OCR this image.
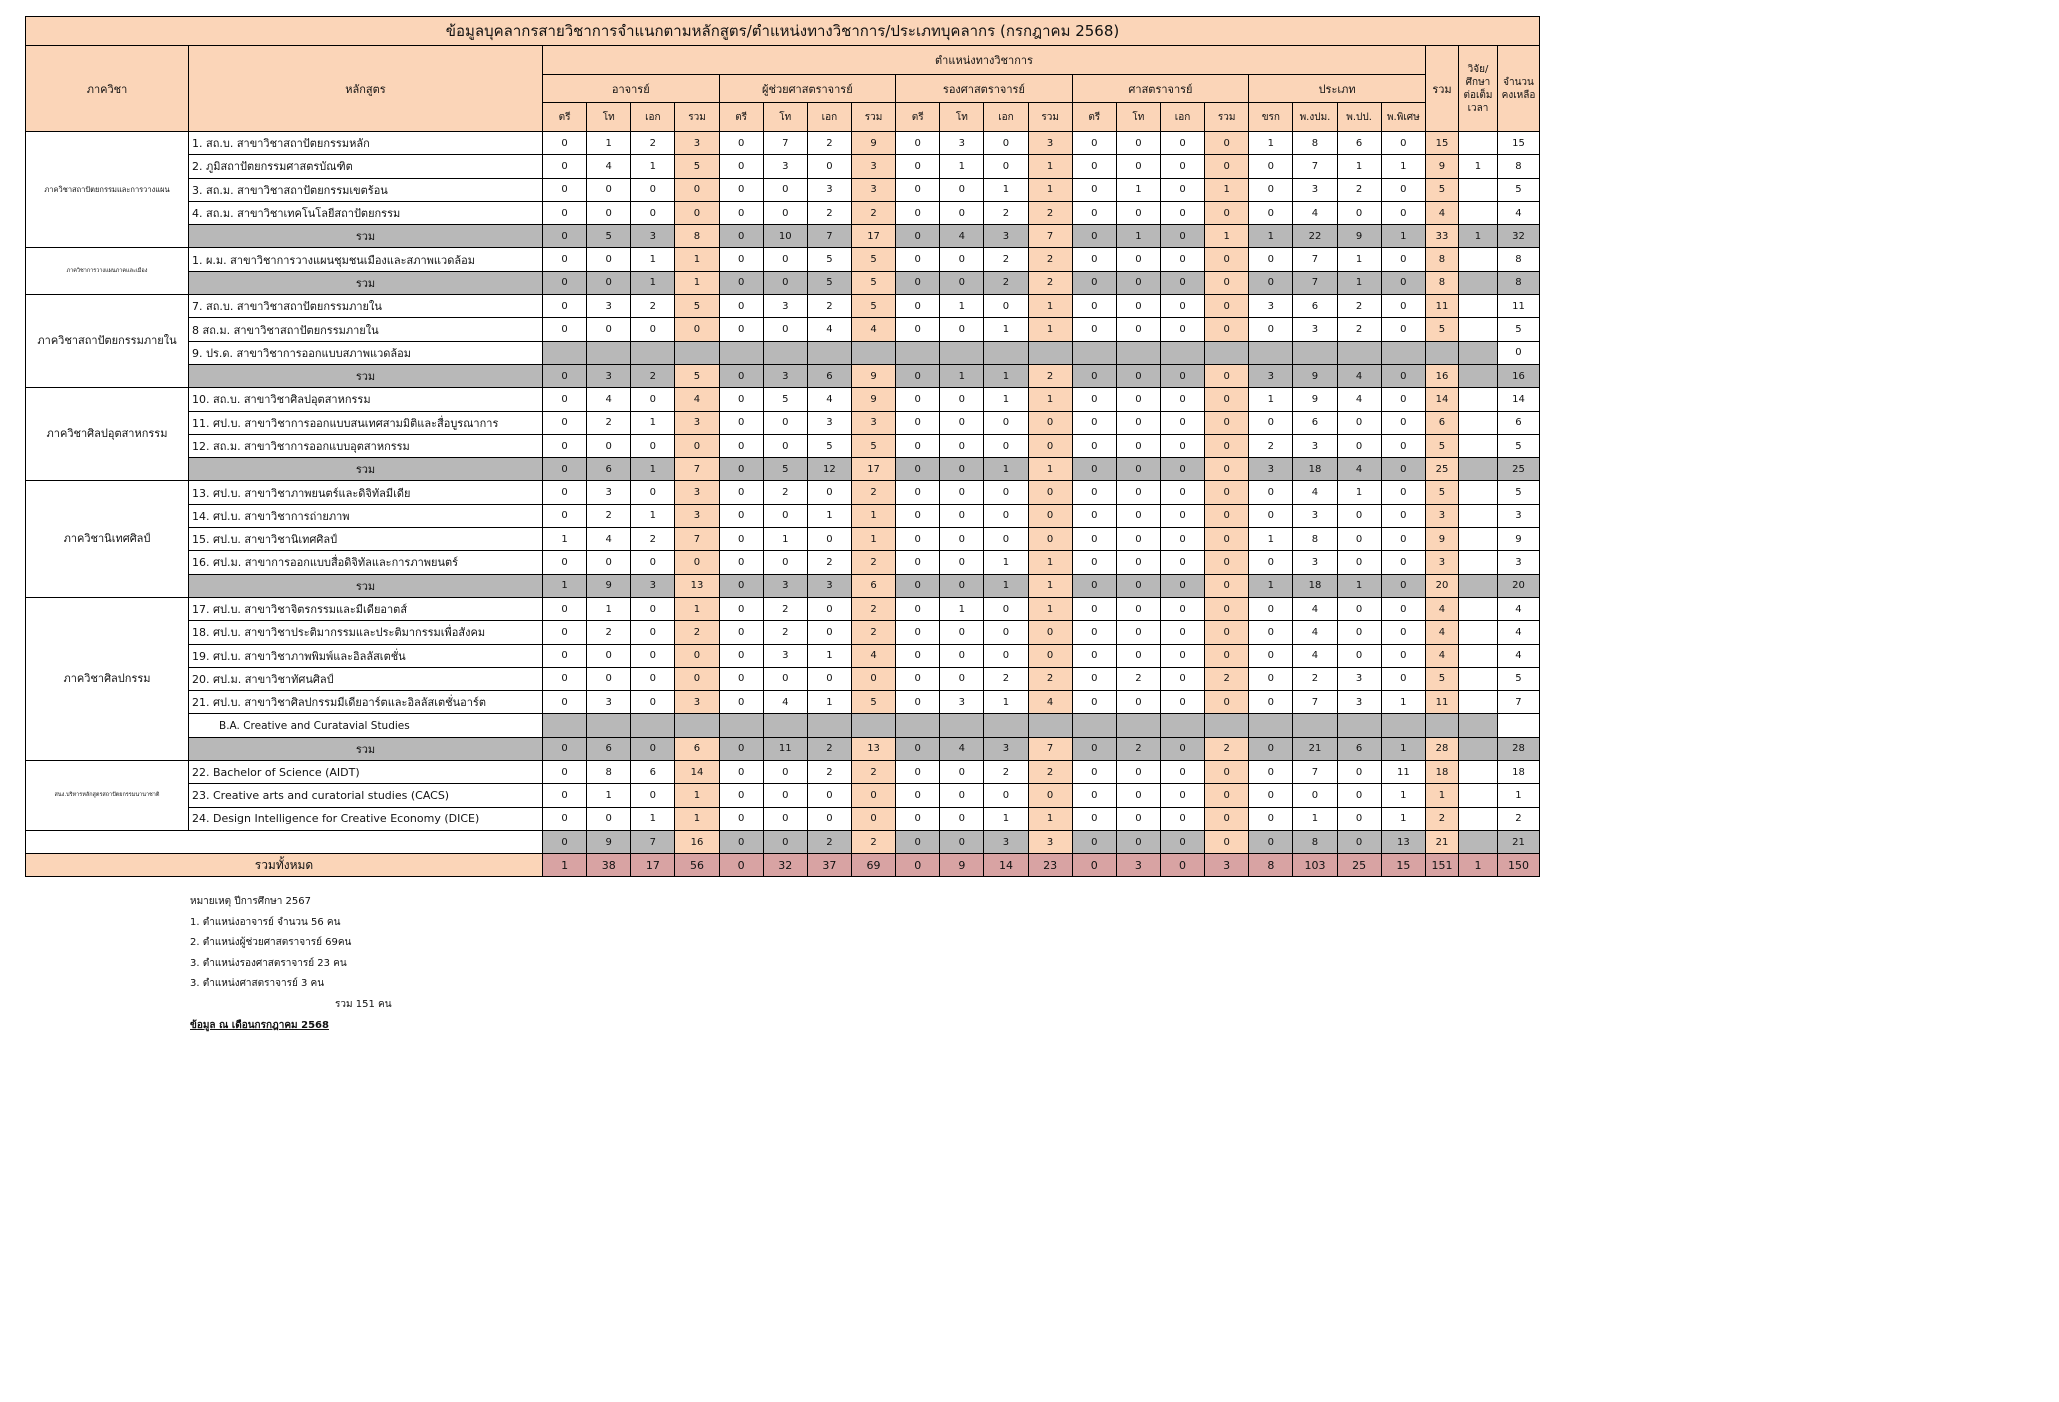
ข้อมูลบุคลากรสายวิชาการจำแนกตามหลักสูตร/ตำแหน่งทางวิชาการ/ประเภทบุคลากร (กรกฎาคม 2568)
ภาควิชา	หลักสูตร	ตำแหน่งทางวิชาการ																				รวม	วิจัย/ศึกษา ต่อเต็มเวลา	จำนวนคงเหลือ
		อาจารย์				ผู้ช่วยศาสตราจารย์				รองศาสตราจารย์				ศาสตราจารย์				ประเภท						
		ตรี	โท	เอก	รวม	ตรี	โท	เอก	รวม	ตรี	โท	เอก	รวม	ตรี	โท	เอก	รวม	ขรก	พ.งปม.	พ.ปป.	พ.พิเศษ			
ภาควิชาสถาปัตยกรรมและการวางแผน	1. สถ.บ. สาขาวิชาสถาปัตยกรรมหลัก	0	1	2	3	0	7	2	9	0	3	0	3	0	0	0	0	1	8	6	0	15		15
	2. ภูมิสถาปัตยกรรมศาสตรบัณฑิต	0	4	1	5	0	3	0	3	0	1	0	1	0	0	0	0	0	7	1	1	9	1	8
	3. สถ.ม. สาขาวิชาสถาปัตยกรรมเขตร้อน	0	0	0	0	0	0	3	3	0	0	1	1	0	1	0	1	0	3	2	0	5		5
	4. สถ.ม. สาขาวิชาเทคโนโลยีสถาปัตยกรรม	0	0	0	0	0	0	2	2	0	0	2	2	0	0	0	0	0	4	0	0	4		4
	รวม	0	5	3	8	0	10	7	17	0	4	3	7	0	1	0	1	1	22	9	1	33	1	32
ภาควิชาการวางแผนภาคและเมือง	1. ผ.ม. สาขาวิชาการวางแผนชุมชนเมืองและสภาพแวดล้อม	0	0	1	1	0	0	5	5	0	0	2	2	0	0	0	0	0	7	1	0	8		8
	รวม	0	0	1	1	0	0	5	5	0	0	2	2	0	0	0	0	0	7	1	0	8		8
ภาควิชาสถาปัตยกรรมภายใน	7. สถ.บ. สาขาวิชาสถาปัตยกรรมภายใน	0	3	2	5	0	3	2	5	0	1	0	1	0	0	0	0	3	6	2	0	11		11
	8 สถ.ม. สาขาวิชาสถาปัตยกรรมภายใน	0	0	0	0	0	0	4	4	0	0	1	1	0	0	0	0	0	3	2	0	5		5
	9. ปร.ด. สาขาวิชาการออกแบบสภาพแวดล้อม																							0
	รวม	0	3	2	5	0	3	6	9	0	1	1	2	0	0	0	0	3	9	4	0	16		16
ภาควิชาศิลปอุตสาหกรรม	10. สถ.บ. สาขาวิชาศิลปอุตสาหกรรม	0	4	0	4	0	5	4	9	0	0	1	1	0	0	0	0	1	9	4	0	14		14
	11. ศป.บ. สาขาวิชาการออกแบบสนเทศสามมิติและสื่อบูรณาการ	0	2	1	3	0	0	3	3	0	0	0	0	0	0	0	0	0	6	0	0	6		6
	12. สถ.ม. สาขาวิชาการออกแบบอุตสาหกรรม	0	0	0	0	0	0	5	5	0	0	0	0	0	0	0	0	2	3	0	0	5		5
	รวม	0	6	1	7	0	5	12	17	0	0	1	1	0	0	0	0	3	18	4	0	25		25
ภาควิชานิเทศศิลป์	13. ศป.บ. สาขาวิชาภาพยนตร์และดิจิทัลมีเดีย	0	3	0	3	0	2	0	2	0	0	0	0	0	0	0	0	0	4	1	0	5		5
	14. ศป.บ. สาขาวิชาการถ่ายภาพ	0	2	1	3	0	0	1	1	0	0	0	0	0	0	0	0	0	3	0	0	3		3
	15. ศป.บ. สาขาวิชานิเทศศิลป์	1	4	2	7	0	1	0	1	0	0	0	0	0	0	0	0	1	8	0	0	9		9
	16. ศป.ม. สาขาการออกแบบสื่อดิจิทัลและการภาพยนตร์	0	0	0	0	0	0	2	2	0	0	1	1	0	0	0	0	0	3	0	0	3		3
	รวม	1	9	3	13	0	3	3	6	0	0	1	1	0	0	0	0	1	18	1	0	20		20
ภาควิชาศิลปกรรม	17. ศป.บ. สาขาวิชาจิตรกรรมและมีเดียอาตส์	0	1	0	1	0	2	0	2	0	1	0	1	0	0	0	0	0	4	0	0	4		4
	18. ศป.บ. สาขาวิชาประติมากรรมและประติมากรรมเพื่อสังคม	0	2	0	2	0	2	0	2	0	0	0	0	0	0	0	0	0	4	0	0	4		4
	19. ศป.บ. สาขาวิชาภาพพิมพ์และอิลลัสเตชั่น	0	0	0	0	0	3	1	4	0	0	0	0	0	0	0	0	0	4	0	0	4		4
	20. ศป.ม. สาขาวิชาทัศนศิลป์	0	0	0	0	0	0	0	0	0	0	2	2	0	2	0	2	0	2	3	0	5		5
	21. ศป.บ. สาขาวิชาศิลปกรรมมีเดียอาร์ตและอิลลัสเตชั่นอาร์ต	0	3	0	3	0	4	1	5	0	3	1	4	0	0	0	0	0	7	3	1	11		7
	B.A. Creative and Curatavial Studies																							
	รวม	0	6	0	6	0	11	2	13	0	4	3	7	0	2	0	2	0	21	6	1	28		28
สนง.บริหารหลักสูตรสถาปัตยกรรมนานาชาติ	22. Bachelor of Science (AIDT)	0	8	6	14	0	0	2	2	0	0	2	2	0	0	0	0	0	7	0	11	18		18
	23. Creative arts and curatorial studies (CACS)	0	1	0	1	0	0	0	0	0	0	0	0	0	0	0	0	0	0	0	1	1		1
	24. Design Intelligence for Creative Economy (DICE)	0	0	1	1	0	0	0	0	0	0	1	1	0	0	0	0	0	1	0	1	2		2
		0	9	7	16	0	0	2	2	0	0	3	3	0	0	0	0	0	8	0	13	21		21
รวมทั้งหมด		1	38	17	56	0	32	37	69	0	9	14	23	0	3	0	3	8	103	25	15	151	1	150
หมายเหตุ ปีการศึกษา 2567
1. ตำแหน่งอาจารย์ จำนวน 56 คน
2. ตำแหน่งผู้ช่วยศาสตราจารย์ 69คน
3. ตำแหน่งรองศาสตราจารย์ 23 คน
3. ตำแหน่งศาสตราจารย์ 3 คน
รวม 151 คน
ข้อมูล ณ เดือนกรกฎาคม 2568
